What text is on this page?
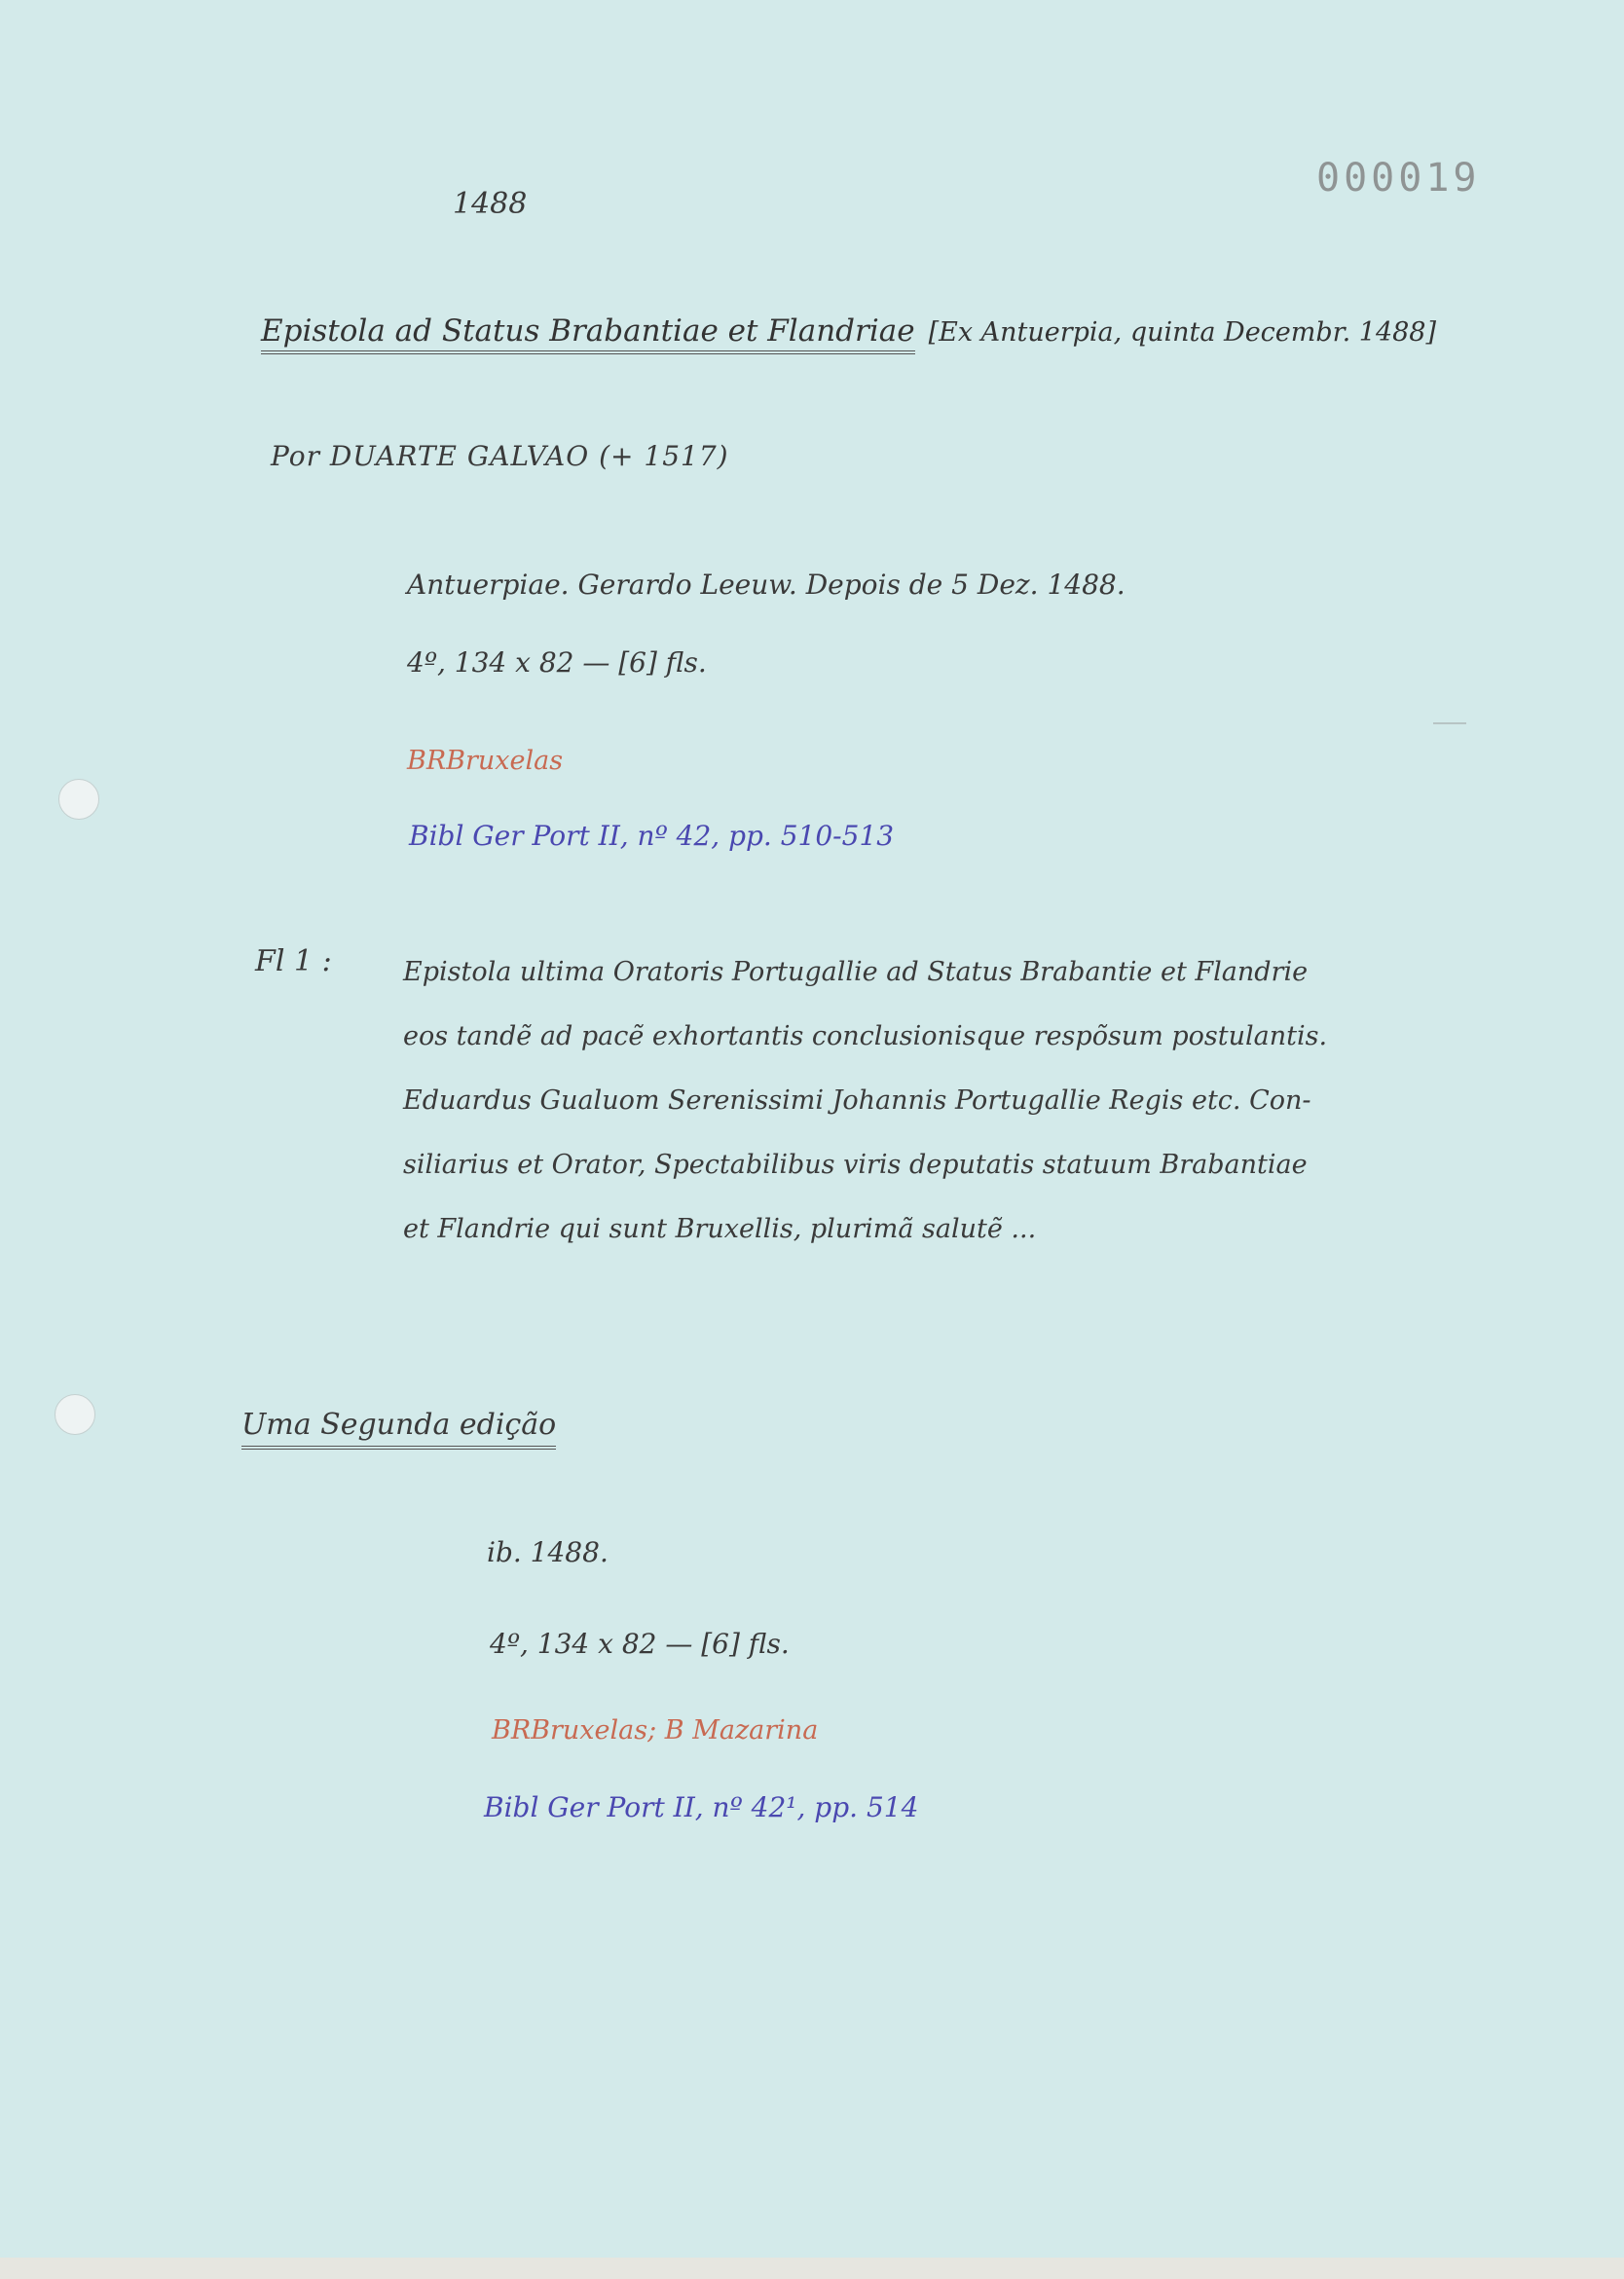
000019
1488
Epistola ad Status Brabantiae et Flandriae [Ex Antuerpia, quinta Decembr. 1488]
Por DUARTE GALVAO (+ 1517)
Antuerpiae. Gerardo Leeuw. Depois de 5 Dez. 1488.
4º, 134 x 82 — [6] fls.
BRBruxelas
Bibl Ger Port II, nº 42, pp. 510-513
Fl 1 :	Epistola ultima Oratoris Portugallie ad Status Brabantie et Flandrie
eos tandẽ ad pacẽ exhortantis conclusionisque respõsum postulantis.
Eduardus Gualuom Serenissimi Johannis Portugallie Regis etc. Con-
siliarius et Orator, Spectabilibus viris deputatis statuum Brabantiae
et Flandrie qui sunt Bruxellis, plurimã salutẽ ...
Uma Segunda edição
ib. 1488.
4º, 134 x 82 — [6] fls.
BRBruxelas; B Mazarina
Bibl Ger Port II, nº 42¹, pp. 514
